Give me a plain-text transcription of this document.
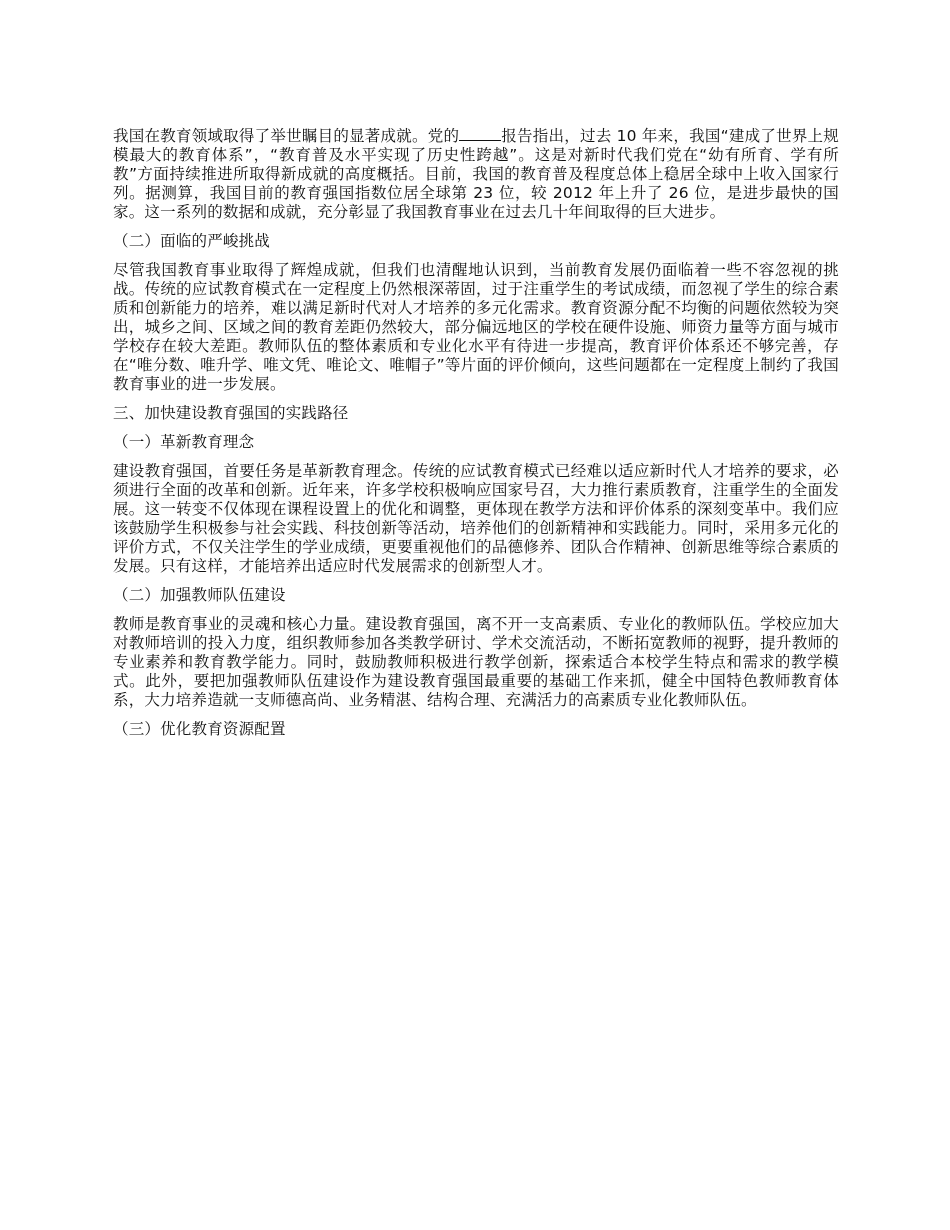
我国在教育领域取得了举世瞩目的显著成就。党的	报告指出，过去 10 年来，我国“建成了世界上规模最大的教育体系”，“教育普及水平实现了历史性跨越”。这是对新时代我们党在“幼有所育、学有所教”方面持续推进所取得新成就的高度概括。目前，我国的教育普及程度总体上稳居全球中上收入国家行列。据测算，我国目前的教育强国指数位居全球第 23 位，较 2012 年上升了 26 位，是进步最快的国家。这一系列的数据和成就，充分彰显了我国教育事业在过去几十年间取得的巨大进步。

（二）面临的严峻挑战

尽管我国教育事业取得了辉煌成就，但我们也清醒地认识到，当前教育发展仍面临着一些不容忽视的挑战。传统的应试教育模式在一定程度上仍然根深蒂固，过于注重学生的考试成绩，而忽视了学生的综合素质和创新能力的培养，难以满足新时代对人才培养的多元化需求。教育资源分配不均衡的问题依然较为突出，城乡之间、区域之间的教育差距仍然较大，部分偏远地区的学校在硬件设施、师资力量等方面与城市学校存在较大差距。教师队伍的整体素质和专业化水平有待进一步提高，教育评价体系还不够完善，存在“唯分数、唯升学、唯文凭、唯论文、唯帽子”等片面的评价倾向，这些问题都在一定程度上制约了我国教育事业的进一步发展。

三、加快建设教育强国的实践路径

（一）革新教育理念

建设教育强国，首要任务是革新教育理念。传统的应试教育模式已经难以适应新时代人才培养的要求，必须进行全面的改革和创新。近年来，许多学校积极响应国家号召，大力推行素质教育，注重学生的全面发展。这一转变不仅体现在课程设置上的优化和调整，更体现在教学方法和评价体系的深刻变革中。我们应该鼓励学生积极参与社会实践、科技创新等活动，培养他们的创新精神和实践能力。同时，采用多元化的评价方式，不仅关注学生的学业成绩，更要重视他们的品德修养、团队合作精神、创新思维等综合素质的发展。只有这样，才能培养出适应时代发展需求的创新型人才。

（二）加强教师队伍建设

教师是教育事业的灵魂和核心力量。建设教育强国，离不开一支高素质、专业化的教师队伍。学校应加大对教师培训的投入力度，组织教师参加各类教学研讨、学术交流活动，不断拓宽教师的视野，提升教师的专业素养和教育教学能力。同时，鼓励教师积极进行教学创新，探索适合本校学生特点和需求的教学模式。此外，要把加强教师队伍建设作为建设教育强国最重要的基础工作来抓，健全中国特色教师教育体系，大力培养造就一支师德高尚、业务精湛、结构合理、充满活力的高素质专业化教师队伍。

（三）优化教育资源配置
